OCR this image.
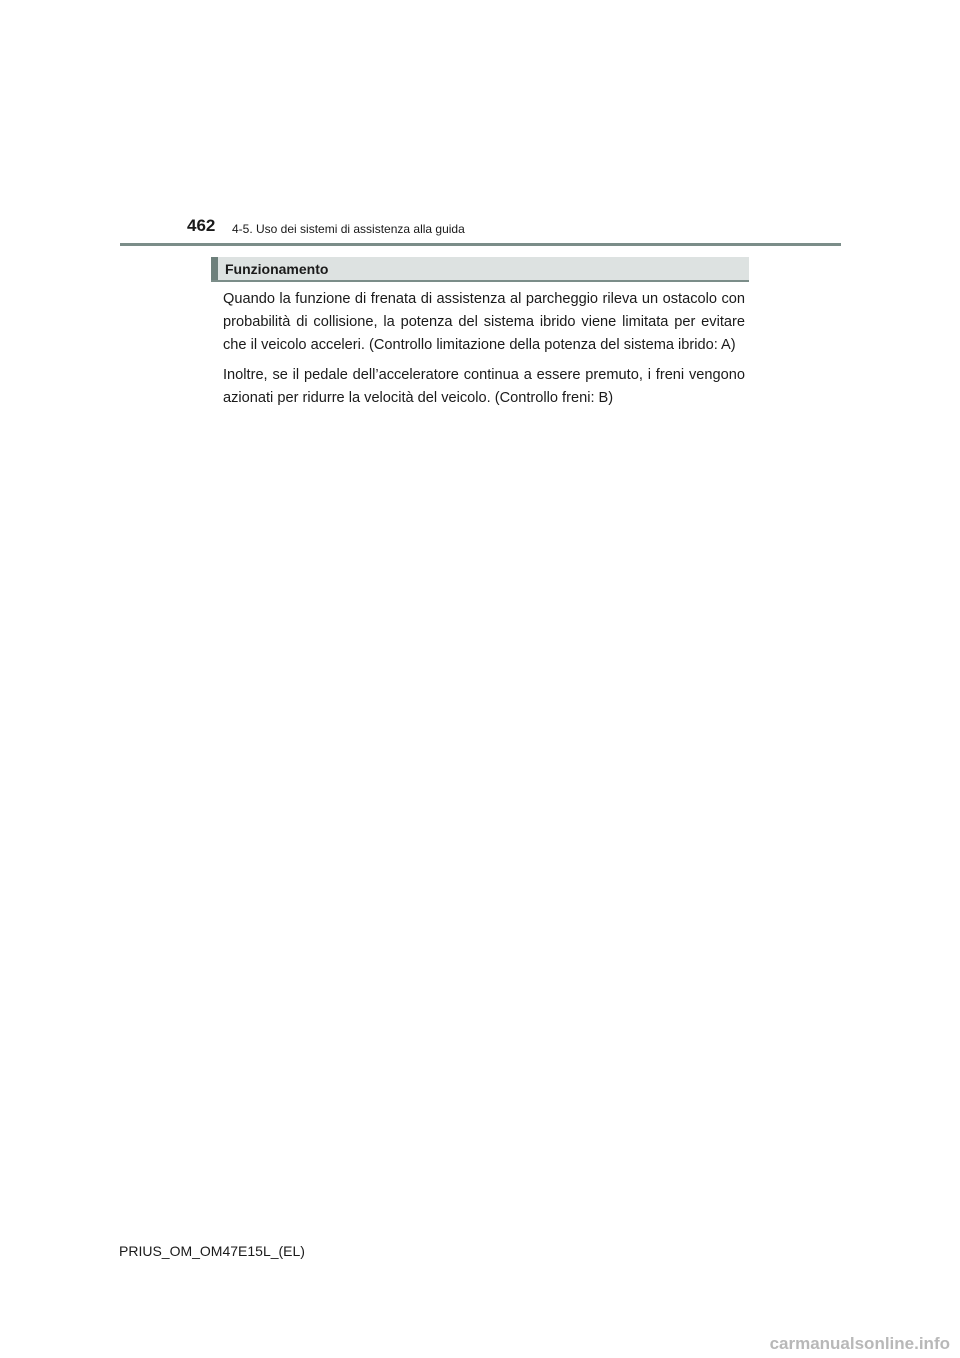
462 4-5. Uso dei sistemi di assistenza alla guida
Funzionamento

Quando la funzione di frenata di assistenza al parcheggio rileva un ostacolo con probabilità di collisione, la potenza del sistema ibrido viene limitata per evitare che il veicolo acceleri. (Controllo limitazione della potenza del sistema ibrido: A)

Inoltre, se il pedale dell’acceleratore continua a essere premuto, i freni vengono azionati per ridurre la velocità del veicolo. (Controllo freni: B)

PRIUS_OM_OM47E15L_(EL)
carmanualsonline.info
